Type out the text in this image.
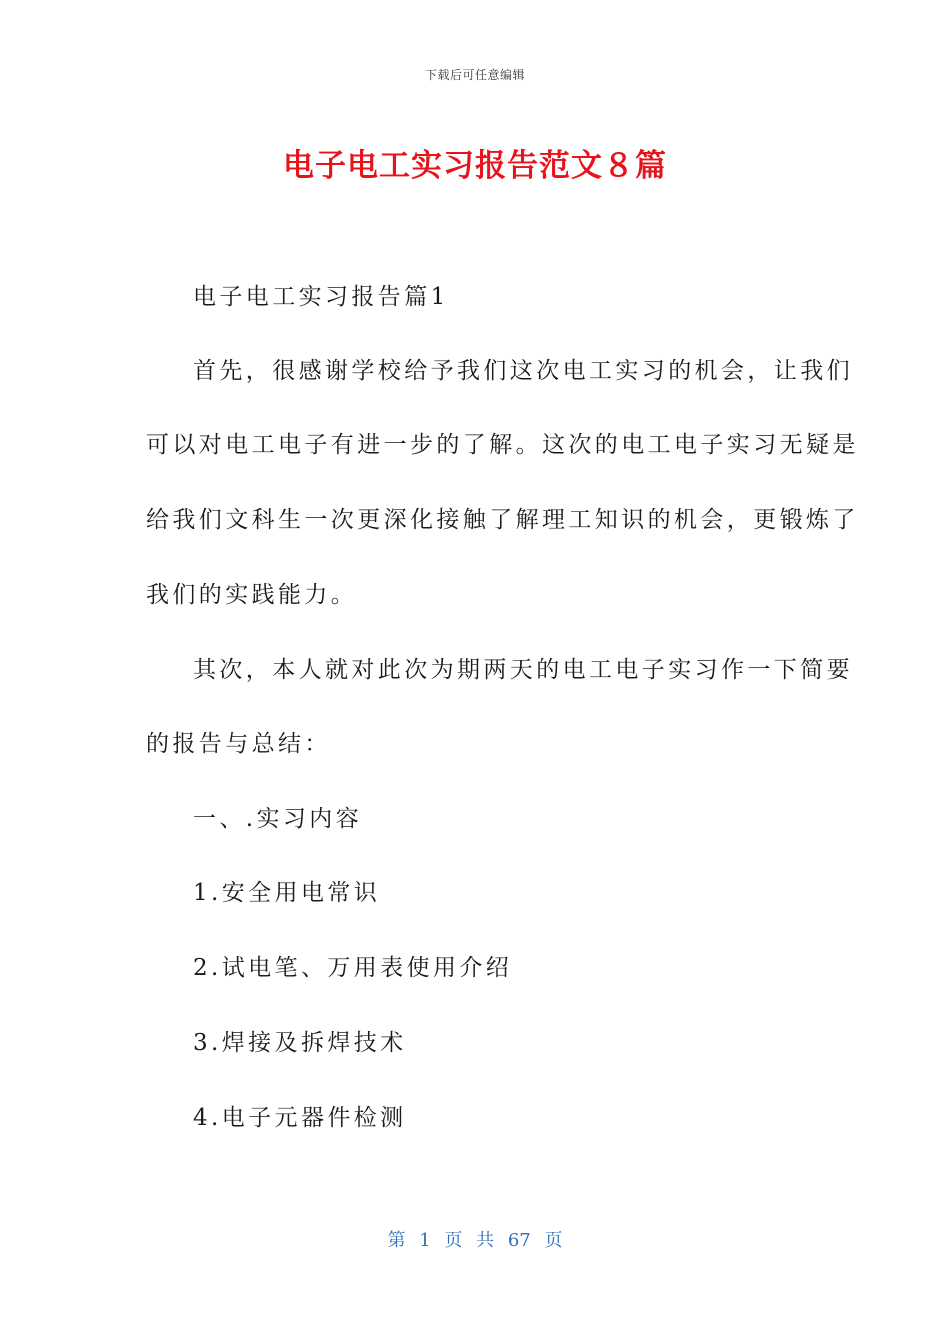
下载后可任意编辑
电子电工实习报告范文８篇
电子电工实习报告篇1
首先，很感谢学校给予我们这次电工实习的机会，让我们
可以对电工电子有进一步的了解。这次的电工电子实习无疑是
给我们文科生一次更深化接触了解理工知识的机会，更锻炼了
我们的实践能力。
其次，本人就对此次为期两天的电工电子实习作一下简要
的报告与总结：
一、.实习内容
1.安全用电常识
2.试电笔、万用表使用介绍
3.焊接及拆焊技术
4.电子元器件检测
第 1 页 共 67 页
